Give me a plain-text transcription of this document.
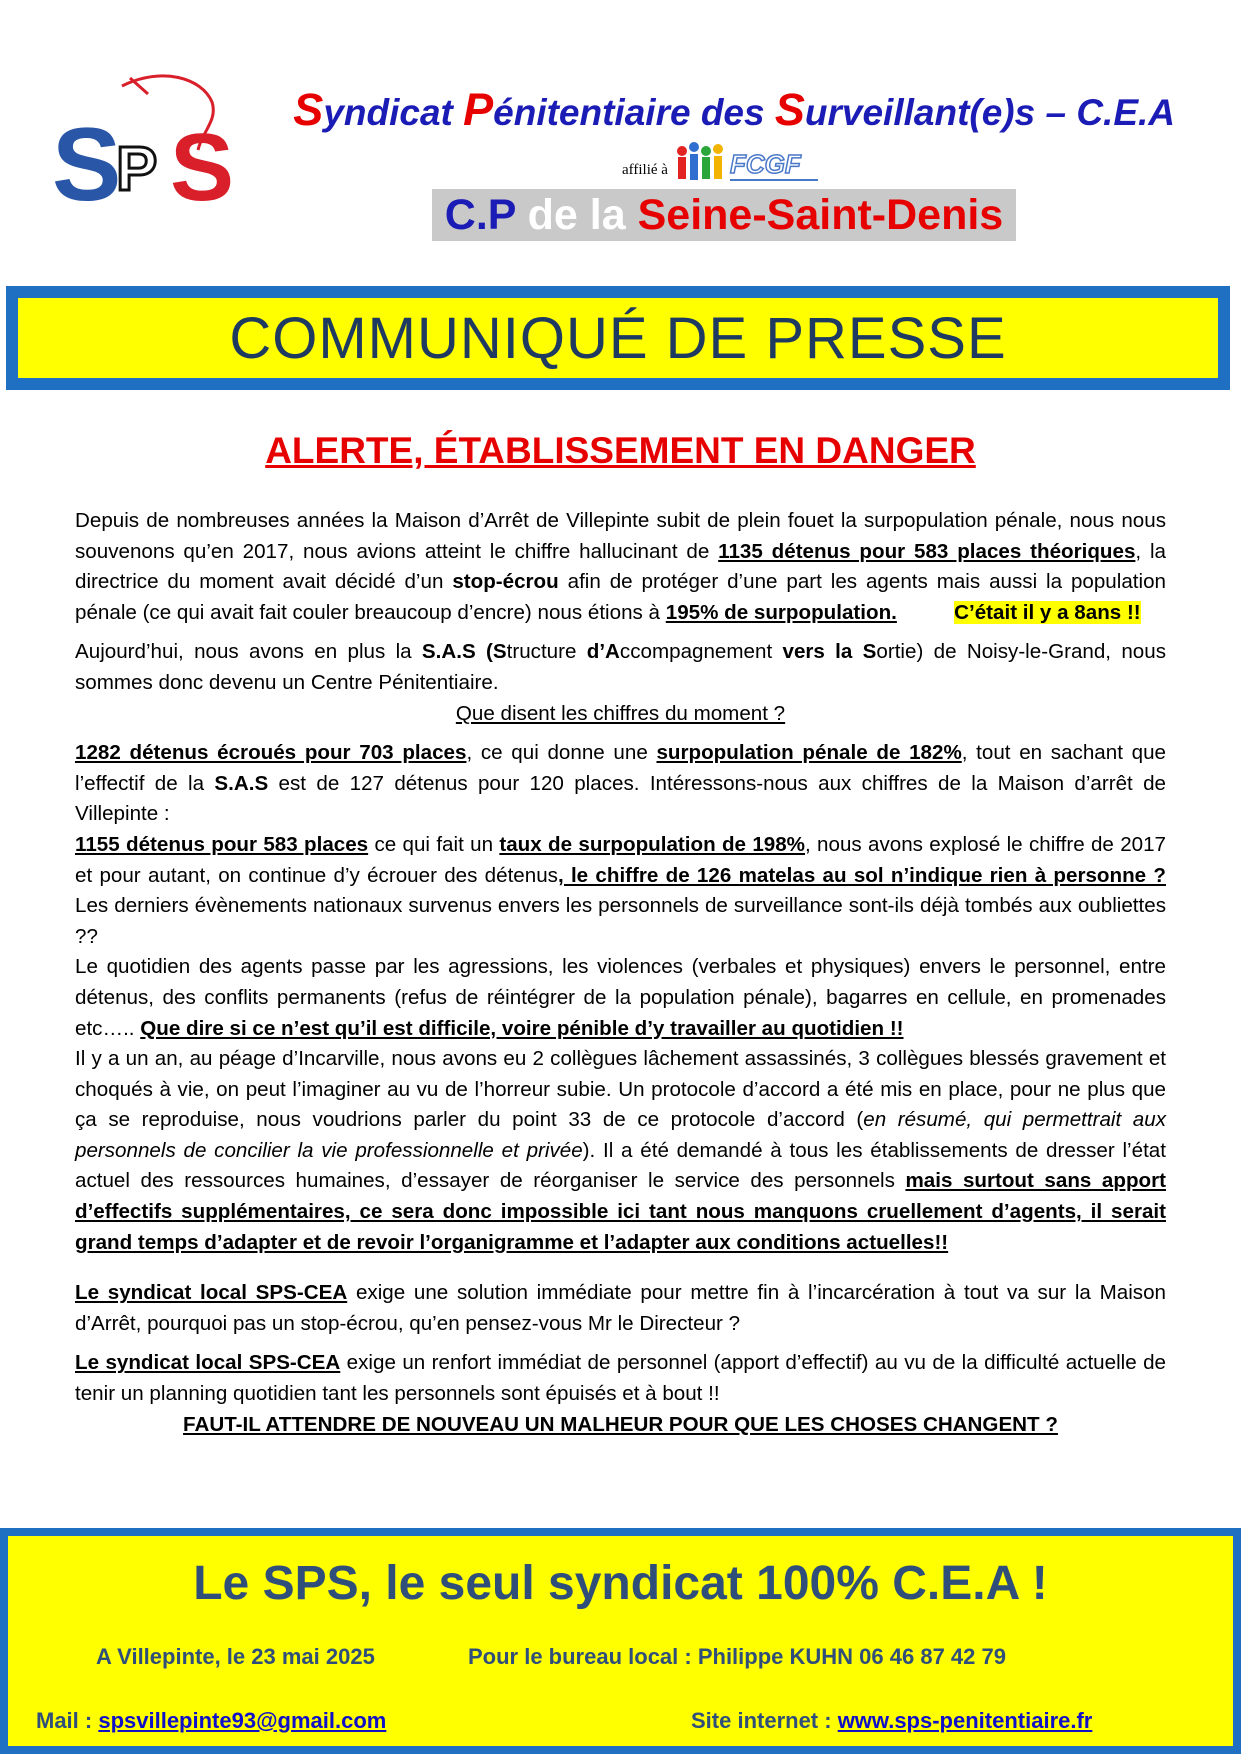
S
P S
Syndicat Pénitentiaire des Surveillant(e)s – C.E.A
affilié à FCGF
C.P de la Seine-Saint-Denis
COMMUNIQUÉ DE PRESSE
ALERTE, ÉTABLISSEMENT EN DANGER

Depuis de nombreuses années la Maison d’Arrêt de Villepinte subit de plein fouet la surpopulation pénale, nous nous souvenons qu’en 2017, nous avions atteint le chiffre hallucinant de 1135 détenus pour 583 places théoriques, la directrice du moment avait décidé d’un stop-écrou afin de protéger d’une part les agents mais aussi la population pénale (ce qui avait fait couler breaucoup d’encre) nous étions à 195% de surpopulation.	C’était il y a 8ans !!

Aujourd’hui, nous avons en plus la S.A.S (Structure d’Accompagnement vers la Sortie) de Noisy-le-Grand, nous sommes donc devenu un Centre Pénitentiaire.

Que disent les chiffres du moment ?

1282 détenus écroués pour 703 places, ce qui donne une surpopulation pénale de 182%, tout en sachant que l’effectif de la S.A.S est de 127 détenus pour 120 places. Intéressons-nous aux chiffres de la Maison d’arrêt de Villepinte :

1155 détenus pour 583 places ce qui fait un taux de surpopulation de 198%, nous avons explosé le chiffre de 2017 et pour autant, on continue d’y écrouer des détenus, le chiffre de 126 matelas au sol n’indique rien à personne ? Les derniers évènements nationaux survenus envers les personnels de surveillance sont-ils déjà tombés aux oubliettes ??

Le quotidien des agents passe par les agressions, les violences (verbales et physiques) envers le personnel, entre détenus, des conflits permanents (refus de réintégrer de la population pénale), bagarres en cellule, en promenades etc….. Que dire si ce n’est qu’il est difficile, voire pénible d’y travailler au quotidien !!

Il y a un an, au péage d’Incarville, nous avons eu 2 collègues lâchement assassinés, 3 collègues blessés gravement et choqués à vie, on peut l’imaginer au vu de l’horreur subie. Un protocole d’accord a été mis en place, pour ne plus que ça se reproduise, nous voudrions parler du point 33 de ce protocole d’accord (en résumé, qui permettrait aux personnels de concilier la vie professionnelle et privée). Il a été demandé à tous les établissements de dresser l’état actuel des ressources humaines, d’essayer de réorganiser le service des personnels mais surtout sans apport d’effectifs supplémentaires, ce sera donc impossible ici tant nous manquons cruellement d’agents, il serait grand temps d’adapter et de revoir l’organigramme et l’adapter aux conditions actuelles!!

Le syndicat local SPS-CEA exige une solution immédiate pour mettre fin à l’incarcération à tout va sur la Maison d’Arrêt, pourquoi pas un stop-écrou, qu’en pensez-vous Mr le Directeur ?

Le syndicat local SPS-CEA exige un renfort immédiat de personnel (apport d’effectif) au vu de la difficulté actuelle de tenir un planning quotidien tant les personnels sont épuisés et à bout !!

FAUT-IL ATTENDRE DE NOUVEAU UN MALHEUR POUR QUE LES CHOSES CHANGENT ?

Le SPS, le seul syndicat 100% C.E.A !
A Villepinte, le 23 mai 2025	Pour le bureau local : Philippe KUHN 06 46 87 42 79
Mail : spsvillepinte93@gmail.com	Site internet : www.sps-penitentiaire.fr
